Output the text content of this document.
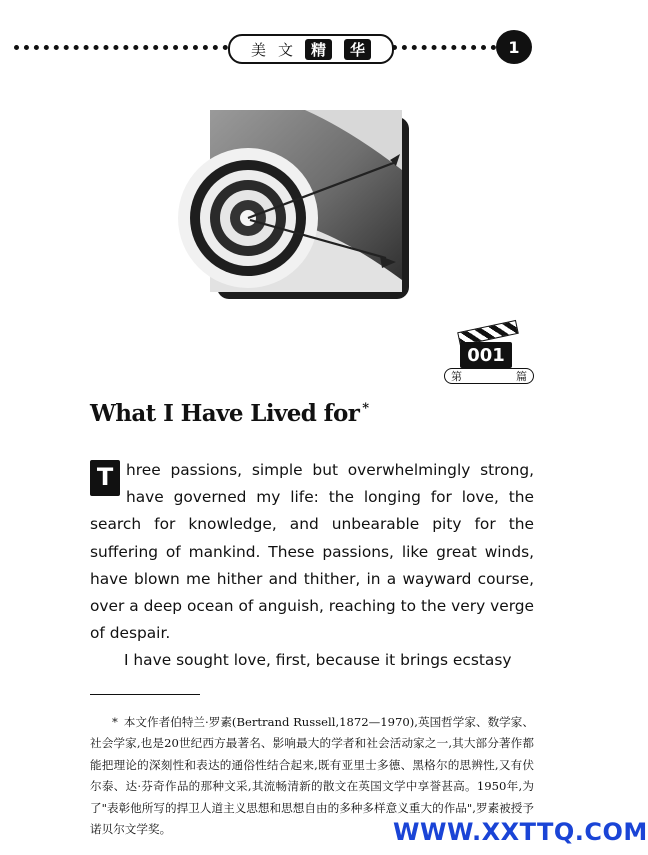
美 文	精	华	1
001
第	篇
What I Have Lived for *

T hree passions, simple but overwhelmingly strong, have governed my life: the longing for love, the search for knowledge, and unbearable pity for the suffering of mankind. These passions, like great winds, have blown me hither and thither, in a wayward course, over a deep ocean of anguish, reaching to the very verge of despair.

I have sought love, first, because it brings ecstasy

* 本文作者伯特兰·罗素(Bertrand Russell,1872—1970),英国哲学家、数学家、社会学家,也是20世纪西方最著名、影响最大的学者和社会活动家之一,其大部分著作都能把理论的深刻性和表达的通俗性结合起来,既有亚里士多德、黑格尔的思辨性,又有伏尔泰、达·芬奇作品的那种文采,其流畅清新的散文在英国文学中享誉甚高。1950年,为了"表彰他所写的捍卫人道主义思想和思想自由的多种多样意义重大的作品",罗素被授予诺贝尔文学奖。	WWW.XXTTQ.COM
